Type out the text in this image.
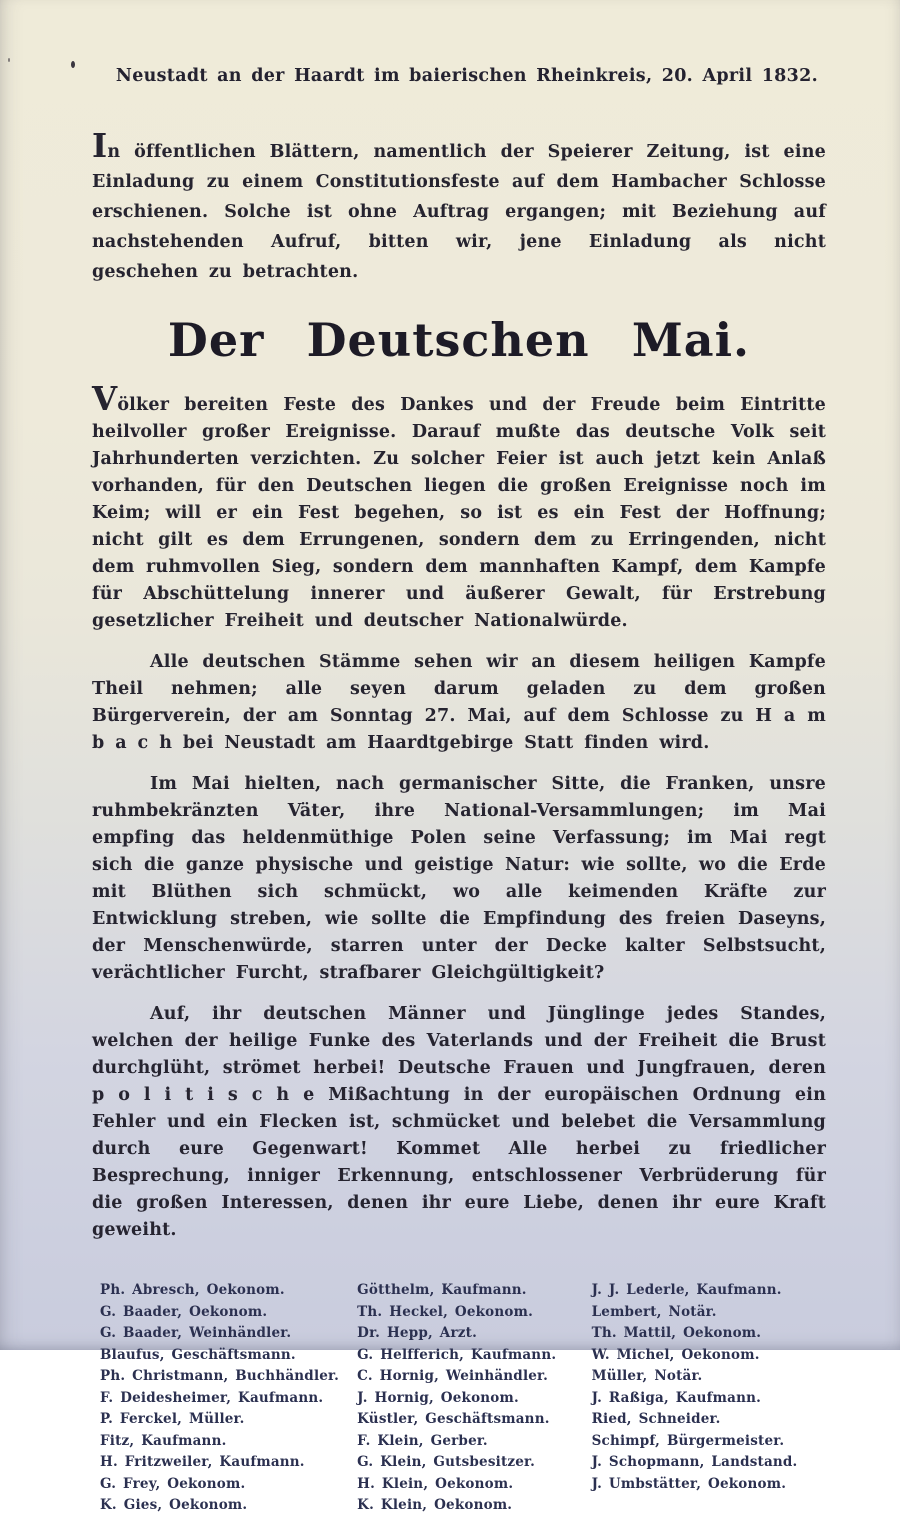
Neustadt an der Haardt im baierischen Rheinkreis, 20. April 1832.

In öffentlichen Blättern, namentlich der Speierer Zeitung, ist eine Einladung zu einem Constitutionsfeste auf dem Hambacher Schlosse erschienen. Solche ist ohne Auftrag ergangen; mit Beziehung auf nachstehenden Aufruf, bitten wir, jene Einladung als nicht geschehen zu betrachten.

Der Deutschen Mai.

Völker bereiten Feste des Dankes und der Freude beim Eintritte heilvoller großer Ereignisse. Darauf mußte das deutsche Volk seit Jahrhunderten verzichten. Zu solcher Feier ist auch jetzt kein Anlaß vorhanden, für den Deutschen liegen die großen Ereignisse noch im Keim; will er ein Fest begehen, so ist es ein Fest der Hoffnung; nicht gilt es dem Errungenen, sondern dem zu Erringenden, nicht dem ruhmvollen Sieg, sondern dem mannhaften Kampf, dem Kampfe für Abschüttelung innerer und äußerer Gewalt, für Erstrebung gesetzlicher Freiheit und deutscher Nationalwürde.

Alle deutschen Stämme sehen wir an diesem heiligen Kampfe Theil nehmen; alle seyen darum geladen zu dem großen Bürgerverein, der am Sonntag 27. Mai, auf dem Schlosse zu H a m b a c h bei Neustadt am Haardtgebirge Statt finden wird.

Im Mai hielten, nach germanischer Sitte, die Franken, unsre ruhmbekränzten Väter, ihre National-Versammlungen; im Mai empfing das heldenmüthige Polen seine Verfassung; im Mai regt sich die ganze physische und geistige Natur: wie sollte, wo die Erde mit Blüthen sich schmückt, wo alle keimenden Kräfte zur Entwicklung streben, wie sollte die Empfindung des freien Daseyns, der Menschenwürde, starren unter der Decke kalter Selbstsucht, verächtlicher Furcht, strafbarer Gleichgültigkeit?

Auf, ihr deutschen Männer und Jünglinge jedes Standes, welchen der heilige Funke des Vaterlands und der Freiheit die Brust durchglüht, strömet herbei! Deutsche Frauen und Jungfrauen, deren p o l i t i s c h e Mißachtung in der europäischen Ordnung ein Fehler und ein Flecken ist, schmücket und belebet die Versammlung durch eure Gegenwart! Kommet Alle herbei zu friedlicher Besprechung, inniger Erkennung, entschlossener Verbrüderung für die großen Interessen, denen ihr eure Liebe, denen ihr eure Kraft geweiht.

Ph. Abresch, Oekonom.
G. Baader, Oekonom.
G. Baader, Weinhändler.
Blaufus, Geschäftsmann.
Ph. Christmann, Buchhändler.
F. Deidesheimer, Kaufmann.
P. Ferckel, Müller.
Fitz, Kaufmann.
H. Fritzweiler, Kaufmann.
G. Frey, Oekonom.
K. Gies, Oekonom.
Götthelm, Kaufmann.
Th. Heckel, Oekonom.
Dr. Hepp, Arzt.
G. Helfferich, Kaufmann.
C. Hornig, Weinhändler.
J. Hornig, Oekonom.
Küstler, Geschäftsmann.
F. Klein, Gerber.
G. Klein, Gutsbesitzer.
H. Klein, Oekonom.
K. Klein, Oekonom.
J. J. Lederle, Kaufmann.
Lembert, Notär.
Th. Mattil, Oekonom.
W. Michel, Oekonom.
Müller, Notär.
J. Raßiga, Kaufmann.
Ried, Schneider.
Schimpf, Bürgermeister.
J. Schopmann, Landstand.
J. Umbstätter, Oekonom.
